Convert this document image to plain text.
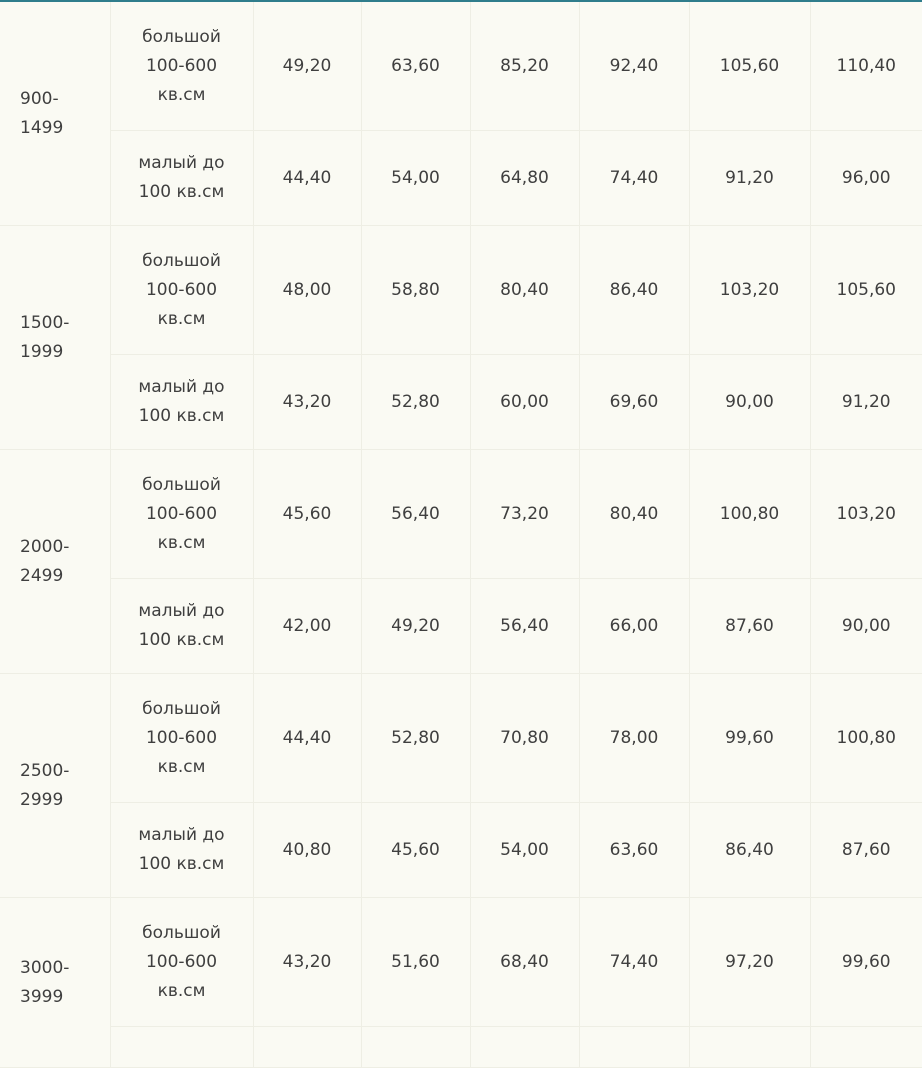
900-
1499	большой
100-600
кв.см	49,20	63,60	85,20	92,40	105,60	110,40

	малый до
100 кв.см	44,40	54,00	64,80	74,40	91,20	96,00
1500-
1999	большой
100-600
кв.см	48,00	58,80	80,40	86,40	103,20	105,60

	малый до
100 кв.см	43,20	52,80	60,00	69,60	90,00	91,20
2000-
2499	большой
100-600
кв.см	45,60	56,40	73,20	80,40	100,80	103,20

	малый до
100 кв.см	42,00	49,20	56,40	66,00	87,60	90,00
2500-
2999	большой
100-600
кв.см	44,40	52,80	70,80	78,00	99,60	100,80

	малый до
100 кв.см	40,80	45,60	54,00	63,60	86,40	87,60
3000-
3999	большой
100-600
кв.см	43,20	51,60	68,40	74,40	97,20	99,60
